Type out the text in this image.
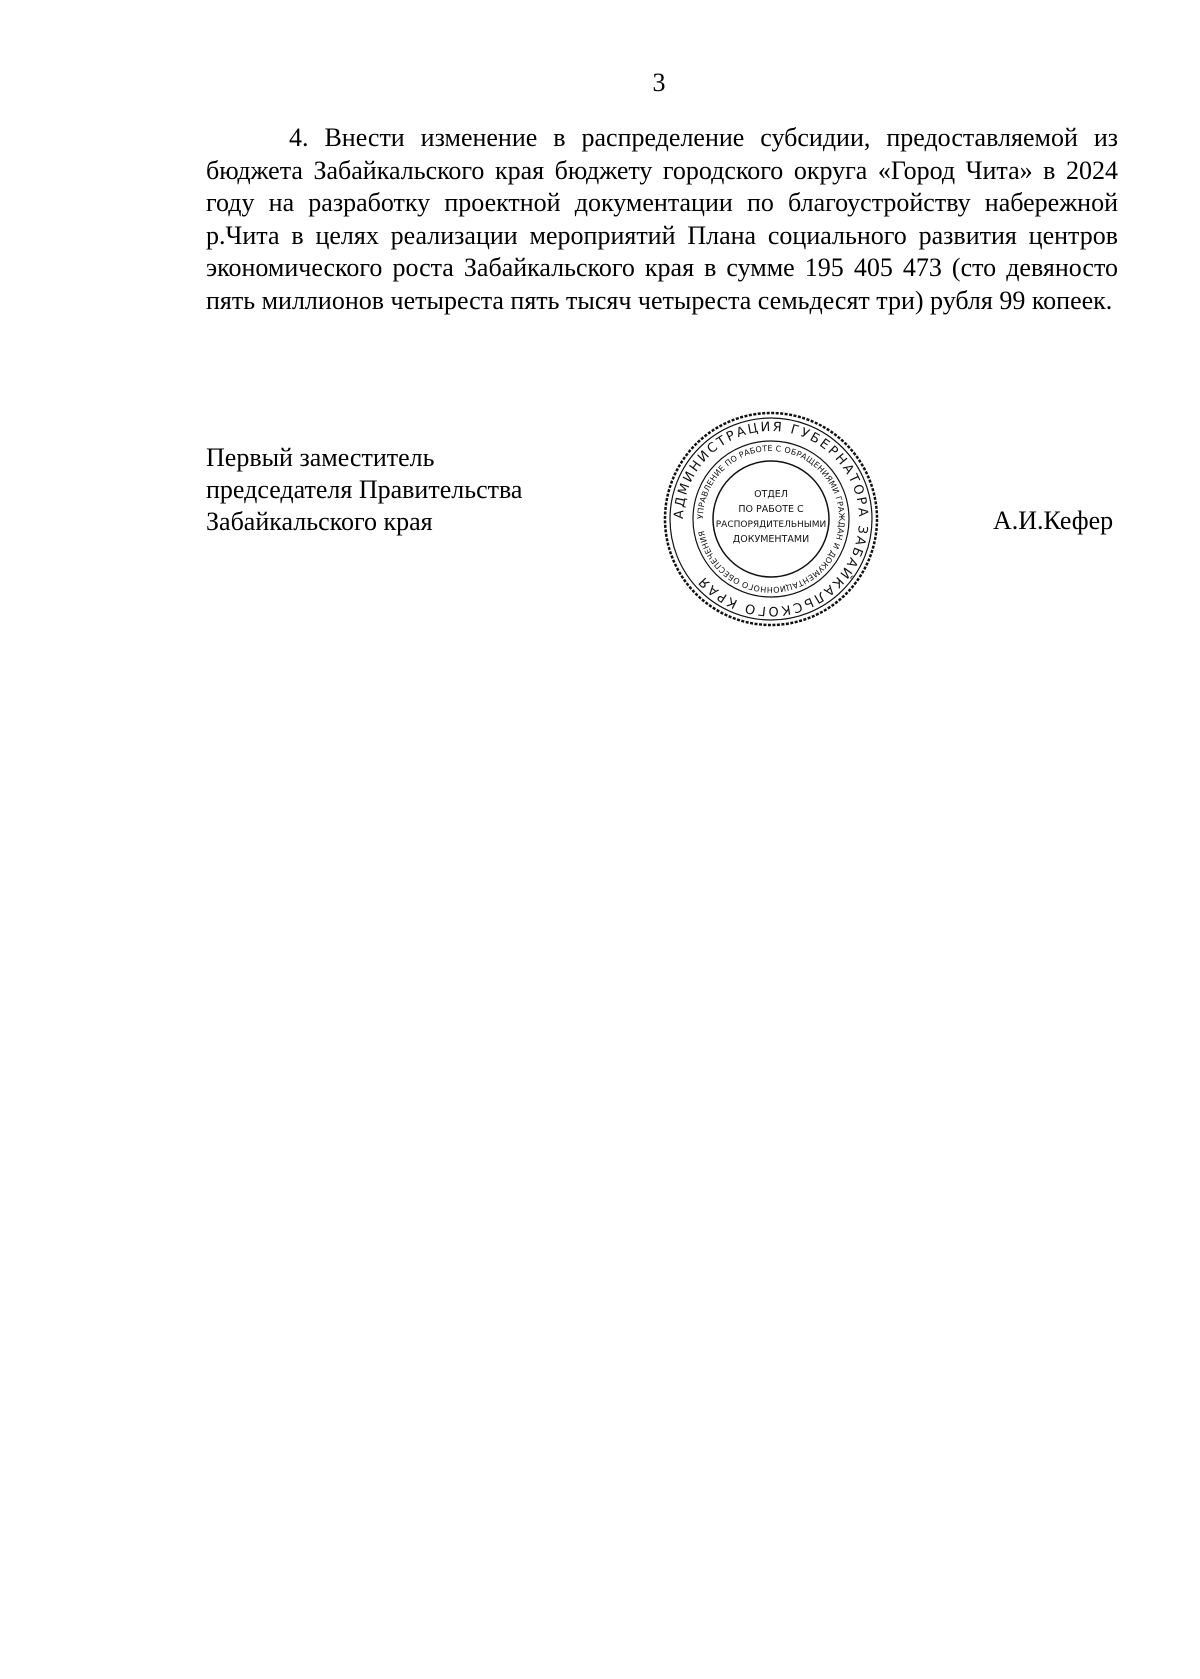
3
4. Внести изменение в распределение субсидии, предоставляемой из бюджета Забайкальского края бюджету городского округа «Город Чита» в 2024 году на разработку проектной документации по благоустройству набережной р.Чита в целях реализации мероприятий Плана социального развития центров экономического роста Забайкальского края в сумме 195 405 473 (сто девяносто пять миллионов четыреста пять тысяч четыреста семьдесят три) рубля 99 копеек.
Первый заместитель
председателя Правительства
Забайкальского края	А.И.Кефер
АДМИНИСТРАЦИЯ ГУБЕРНАТОРА ЗАБАЙКАЛЬСКОГО КРАЯ
УПРАВЛЕНИЕ ПО РАБОТЕ С ОБРАЩЕНИЯМИ ГРАЖДАН И ДОКУМЕНТАЦИОННОГО ОБЕСПЕЧЕНИЯ
ОТДЕЛ
ПО РАБОТЕ С
РАСПОРЯДИТЕЛЬНЫМИ
ДОКУМЕНТАМИ
